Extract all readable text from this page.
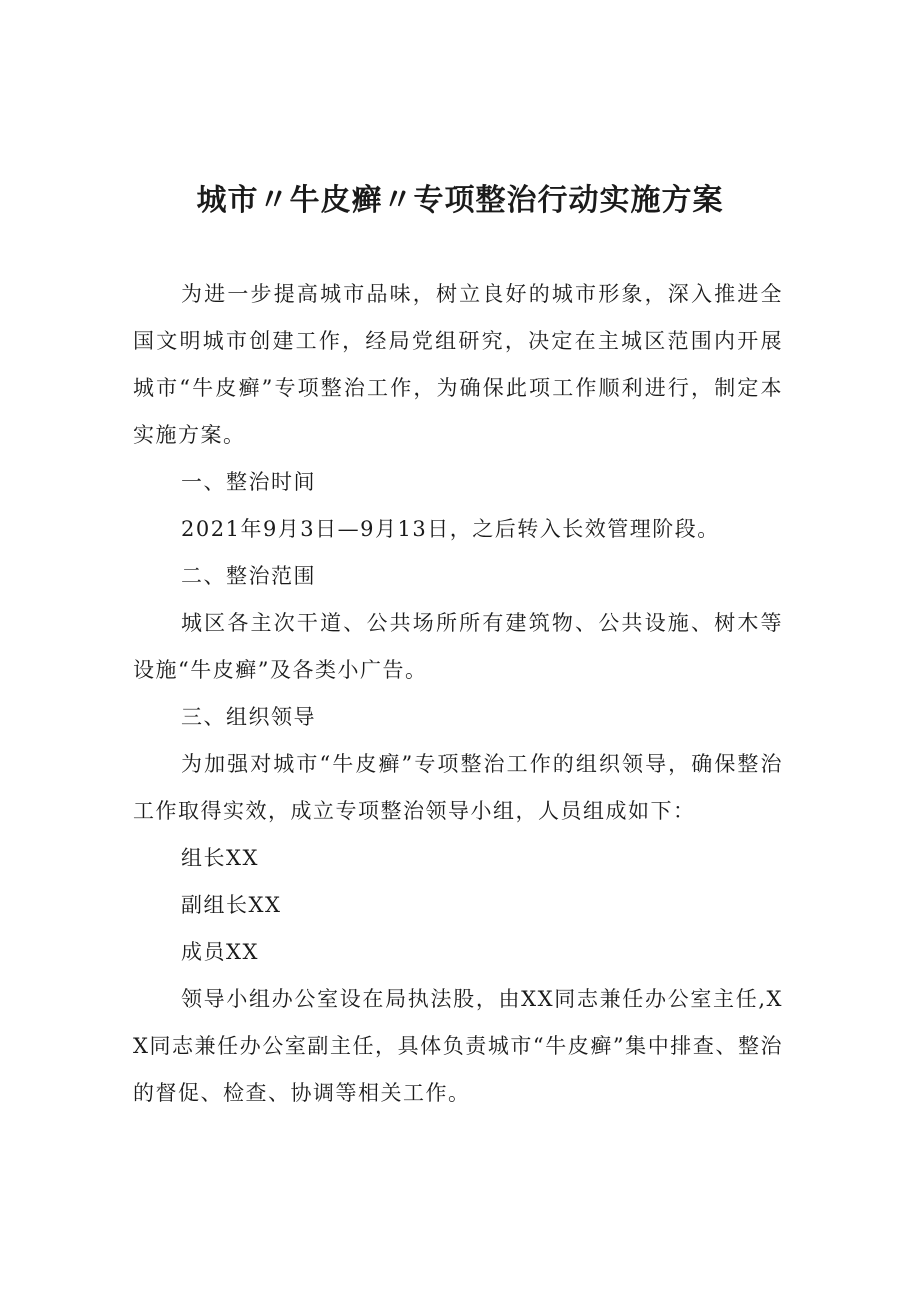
城市〃牛皮癣〃专项整治行动实施方案

为进一步提高城市品味，树立良好的城市形象，深入推进全国文明城市创建工作，经局党组研究，决定在主城区范围内开展城市“牛皮癣”专项整治工作，为确保此项工作顺利进行，制定本实施方案。

一、整治时间

2021年9月3日—9月13日，之后转入长效管理阶段。

二、整治范围

城区各主次干道、公共场所所有建筑物、公共设施、树木等设施“牛皮癣”及各类小广告。

三、组织领导

为加强对城市“牛皮癣”专项整治工作的组织领导，确保整治工作取得实效，成立专项整治领导小组，人员组成如下：

组长XX

副组长XX

成员XX

领导小组办公室设在局执法股，由XX同志兼任办公室主任,XX同志兼任办公室副主任，具体负责城市“牛皮癣”集中排查、整治的督促、检查、协调等相关工作。
